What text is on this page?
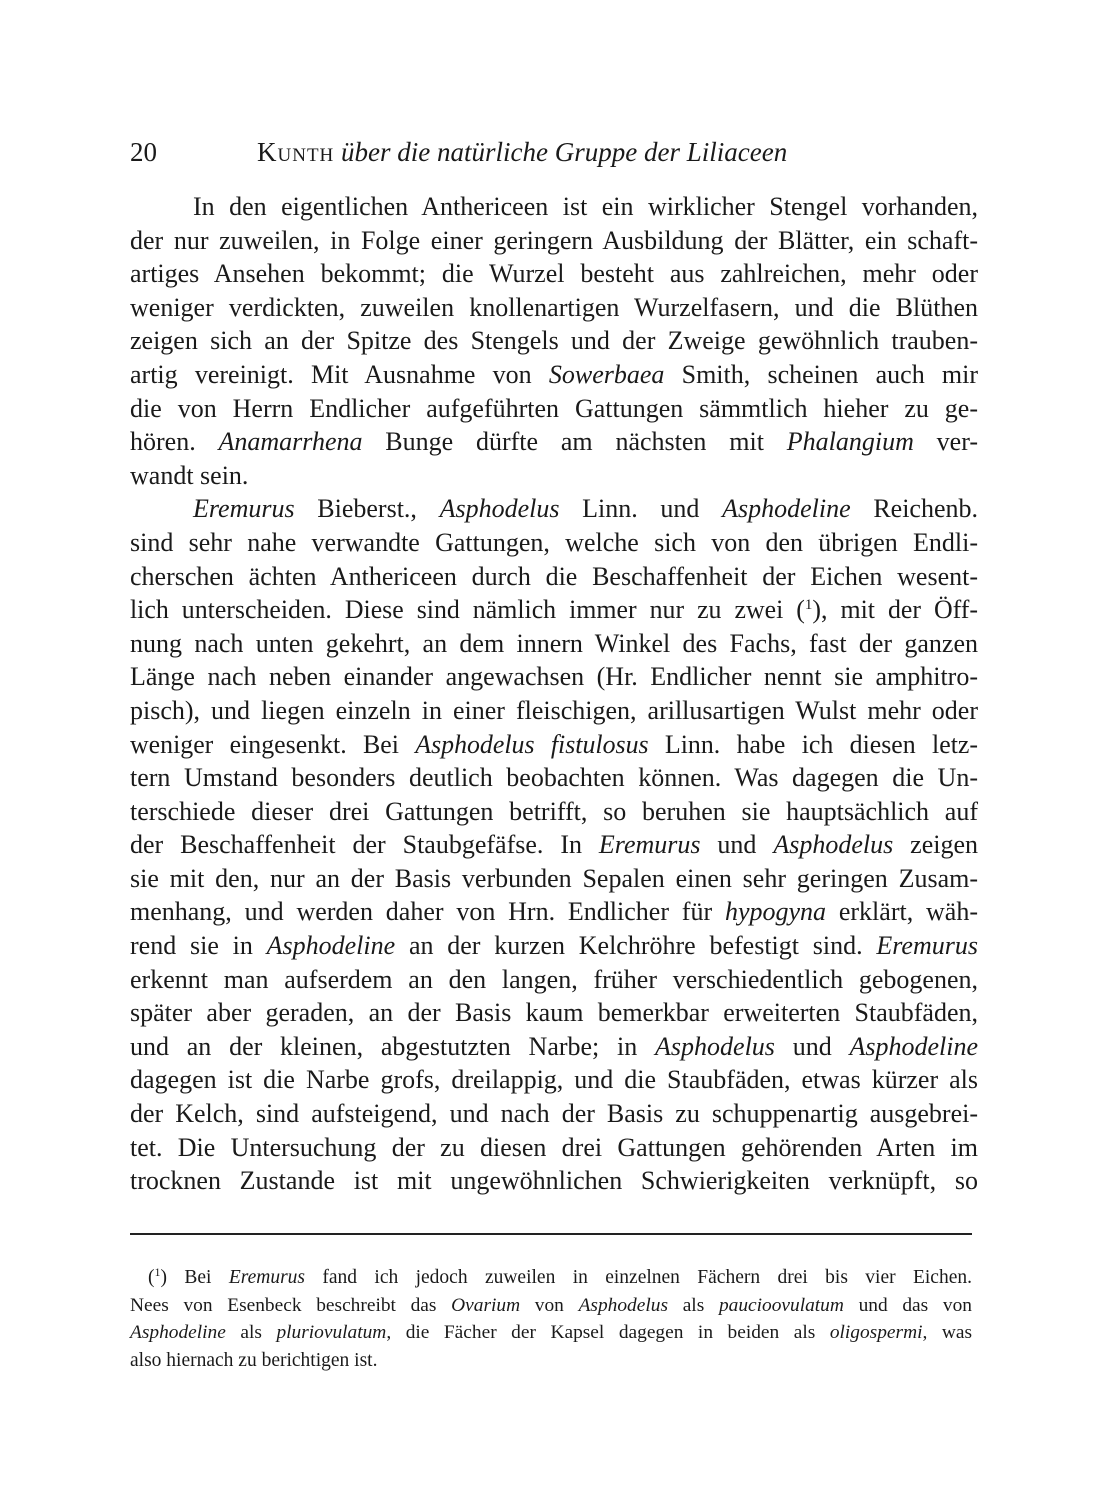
20	Kunth über die natürliche Gruppe der Liliaceen
In den eigentlichen Anthericeen ist ein wirklicher Stengel vorhanden,
der nur zuweilen, in Folge einer geringern Ausbildung der Blätter, ein schaft-
artiges Ansehen bekommt; die Wurzel besteht aus zahlreichen, mehr oder
weniger verdickten, zuweilen knollenartigen Wurzelfasern, und die Blüthen
zeigen sich an der Spitze des Stengels und der Zweige gewöhnlich trauben-
artig vereinigt. Mit Ausnahme von Sowerbaea Smith, scheinen auch mir
die von Herrn Endlicher aufgeführten Gattungen sämmtlich hieher zu ge-
hören. Anamarrhena Bunge dürfte am nächsten mit Phalangium ver-
wandt sein.
Eremurus Bieberst., Asphodelus Linn. und Asphodeline Reichenb.
sind sehr nahe verwandte Gattungen, welche sich von den übrigen Endli-
cherschen ächten Anthericeen durch die Beschaffenheit der Eichen wesent-
lich unterscheiden. Diese sind nämlich immer nur zu zwei ($^1$), mit der Öff-
nung nach unten gekehrt, an dem innern Winkel des Fachs, fast der ganzen
Länge nach neben einander angewachsen (Hr. Endlicher nennt sie amphitro-
pisch), und liegen einzeln in einer fleischigen, arillusartigen Wulst mehr oder
weniger eingesenkt. Bei Asphodelus fistulosus Linn. habe ich diesen letz-
tern Umstand besonders deutlich beobachten können. Was dagegen die Un-
terschiede dieser drei Gattungen betrifft, so beruhen sie hauptsächlich auf
der Beschaffenheit der Staubgefäfse. In Eremurus und Asphodelus zeigen
sie mit den, nur an der Basis verbunden Sepalen einen sehr geringen Zusam-
menhang, und werden daher von Hrn. Endlicher für hypogyna erklärt, wäh-
rend sie in Asphodeline an der kurzen Kelchröhre befestigt sind. Eremurus
erkennt man aufserdem an den langen, früher verschiedentlich gebogenen,
später aber geraden, an der Basis kaum bemerkbar erweiterten Staubfäden,
und an der kleinen, abgestutzten Narbe; in Asphodelus und Asphodeline
dagegen ist die Narbe grofs, dreilappig, und die Staubfäden, etwas kürzer als
der Kelch, sind aufsteigend, und nach der Basis zu schuppenartig ausgebrei-
tet. Die Untersuchung der zu diesen drei Gattungen gehörenden Arten im
trocknen Zustande ist mit ungewöhnlichen Schwierigkeiten verknüpft, so
($^1$) Bei Eremurus fand ich jedoch zuweilen in einzelnen Fächern drei bis vier Eichen.
Nees von Esenbeck beschreibt das Ovarium von Asphodelus als paucioovulatum und das von
Asphodeline als pluriovulatum, die Fächer der Kapsel dagegen in beiden als oligospermi, was
also hiernach zu berichtigen ist.
